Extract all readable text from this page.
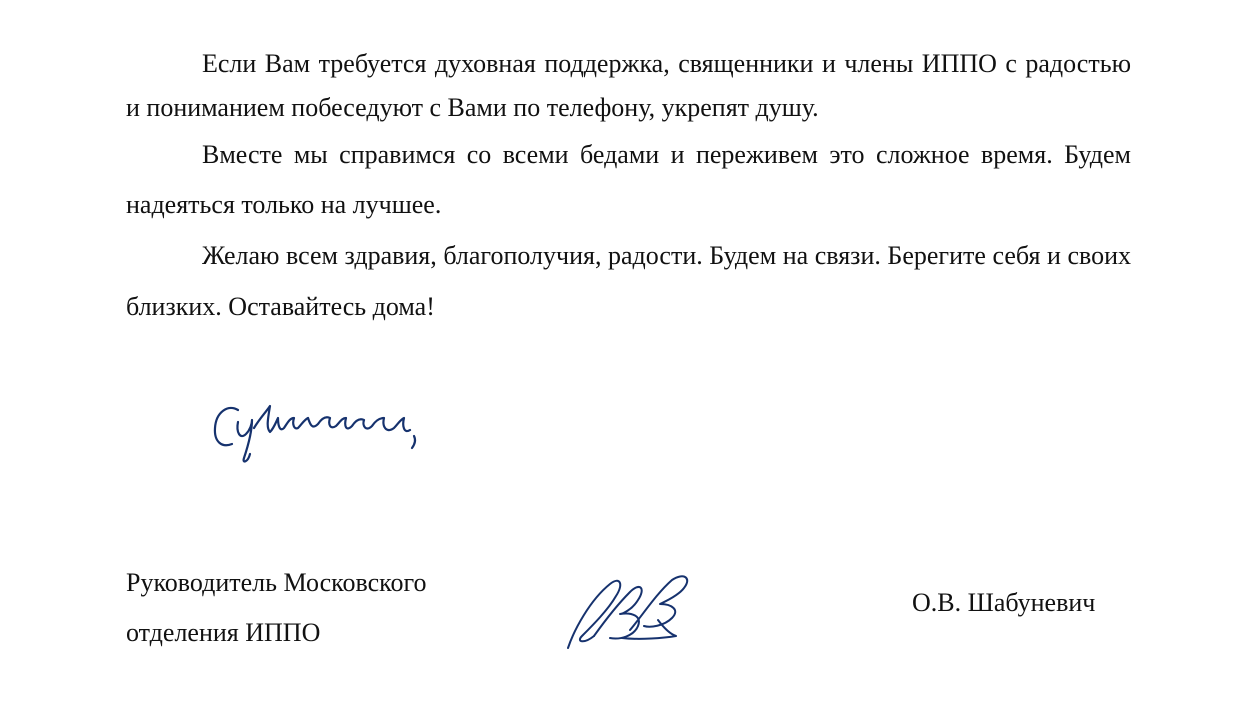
Если Вам требуется духовная поддержка, священники и члены ИППО с радостью и пониманием побеседуют с Вами по телефону, укрепят душу.

Вместе мы справимся со всеми бедами и переживем это сложное время. Будем надеяться только на лучшее.

Желаю всем здравия, благополучия, радости. Будем на связи. Берегите себя и своих близких. Оставайтесь дома!

Руководитель Московского
отделения ИППО
О.В. Шабуневич
